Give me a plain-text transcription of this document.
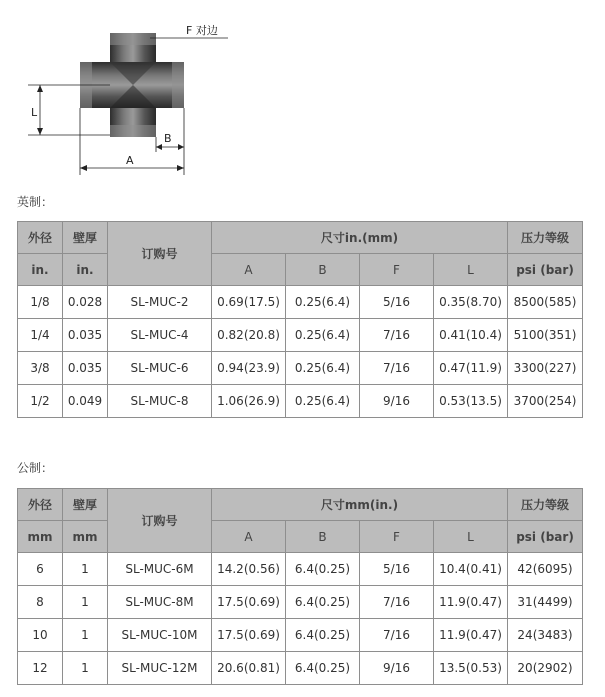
F 对边
L
B
A
英制：
外径	壁厚	订购号	尺寸in.(mm)				压力等级
in.	in.		A	B	F	L	psi (bar)
1/8	0.028	SL-MUC-2	0.69(17.5)	0.25(6.4)	5/16	0.35(8.70)	8500(585)
1/4	0.035	SL-MUC-4	0.82(20.8)	0.25(6.4)	7/16	0.41(10.4)	5100(351)
3/8	0.035	SL-MUC-6	0.94(23.9)	0.25(6.4)	7/16	0.47(11.9)	3300(227)
1/2	0.049	SL-MUC-8	1.06(26.9)	0.25(6.4)	9/16	0.53(13.5)	3700(254)
公制：
外径	壁厚	订购号	尺寸mm(in.)				压力等级
mm	mm		A	B	F	L	psi (bar)
6	1	SL-MUC-6M	14.2(0.56)	6.4(0.25)	5/16	10.4(0.41)	42(6095)
8	1	SL-MUC-8M	17.5(0.69)	6.4(0.25)	7/16	11.9(0.47)	31(4499)
10	1	SL-MUC-10M	17.5(0.69)	6.4(0.25)	7/16	11.9(0.47)	24(3483)
12	1	SL-MUC-12M	20.6(0.81)	6.4(0.25)	9/16	13.5(0.53)	20(2902)
